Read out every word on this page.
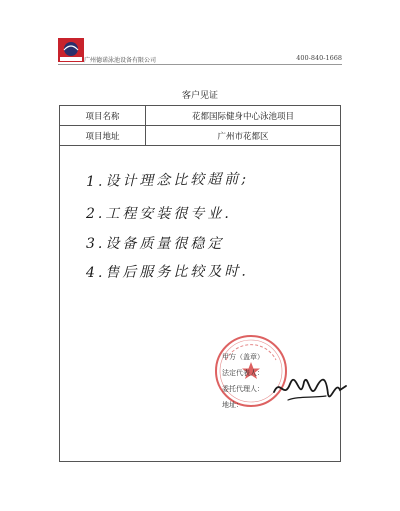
广州德诺泳池设备有限公司	400-840-1668
客户见证
项目名称	花都国际健身中心泳池项目
项目地址	广州市花都区
1.设计理念比较超前;
2.工程安装很专业.
3.设备质量很稳定
4.售后服务比较及时.
甲方（盖章）
法定代表人：
委托代理人：
地址：
